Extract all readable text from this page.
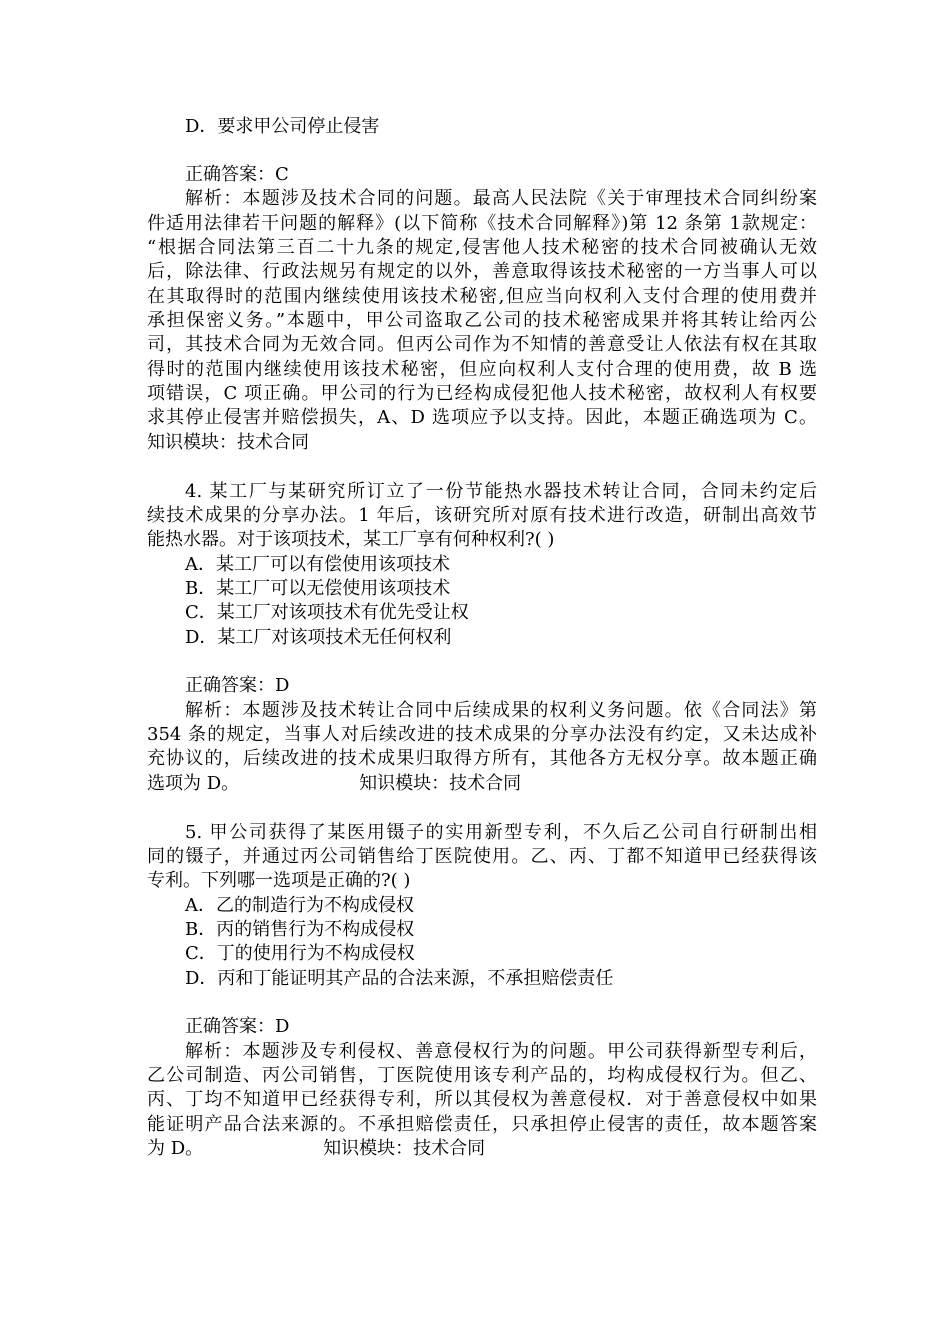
D．要求甲公司停止侵害
正确答案：C
解析：本题涉及技术合同的问题。最高人民法院《关于审理技术合同纠纷案
件适用法律若干问题的解释》(以下简称《技术合同解释》)第 12 条第 1款规定：
“根据合同法第三百二十九条的规定,侵害他人技术秘密的技术合同被确认无效
后，除法律、行政法规另有规定的以外，善意取得该技术秘密的一方当事人可以
在其取得时的范围内继续使用该技术秘密,但应当向权利入支付合理的使用费并
承担保密义务。”本题中，甲公司盗取乙公司的技术秘密成果并将其转让给丙公
司，其技术合同为无效合同。但丙公司作为不知情的善意受让人依法有权在其取
得时的范围内继续使用该技术秘密，但应向权利人支付合理的使用费，故 B 选
项错误，C 项正确。甲公司的行为已经构成侵犯他人技术秘密，故权利人有权要
求其停止侵害并赔偿损失，A、D 选项应予以支持。因此，本题正确选项为 C。
知识模块：技术合同
4. 某工厂与某研究所订立了一份节能热水器技术转让合同，合同未约定后
续技术成果的分享办法。1 年后，该研究所对原有技术进行改造，研制出高效节
能热水器。对于该项技术，某工厂享有何种权利?( )
A．某工厂可以有偿使用该项技术
B．某工厂可以无偿使用该项技术
C．某工厂对该项技术有优先受让权
D．某工厂对该项技术无任何权利
正确答案：D
解析：本题涉及技术转让合同中后续成果的权利义务问题。依《合同法》第
354 条的规定，当事人对后续改进的技术成果的分享办法没有约定，又未达成补
充协议的，后续改进的技术成果归取得方所有，其他各方无权分享。故本题正确
选项为 D。	知识模块：技术合同
5. 甲公司获得了某医用镊子的实用新型专利，不久后乙公司自行研制出相
同的镊子，并通过丙公司销售给丁医院使用。乙、丙、丁都不知道甲已经获得该
专利。下列哪一选项是正确的?( )
A．乙的制造行为不构成侵权
B．丙的销售行为不构成侵权
C．丁的使用行为不构成侵权
D．丙和丁能证明其产品的合法来源，不承担赔偿责任
正确答案：D
解析：本题涉及专利侵权、善意侵权行为的问题。甲公司获得新型专利后，
乙公司制造、丙公司销售，丁医院使用该专利产品的，均构成侵权行为。但乙、
丙、丁均不知道甲已经获得专利，所以其侵权为善意侵权．对于善意侵权中如果
能证明产品合法来源的。不承担赔偿责任，只承担停止侵害的责任，故本题答案
为 D。	知识模块：技术合同
